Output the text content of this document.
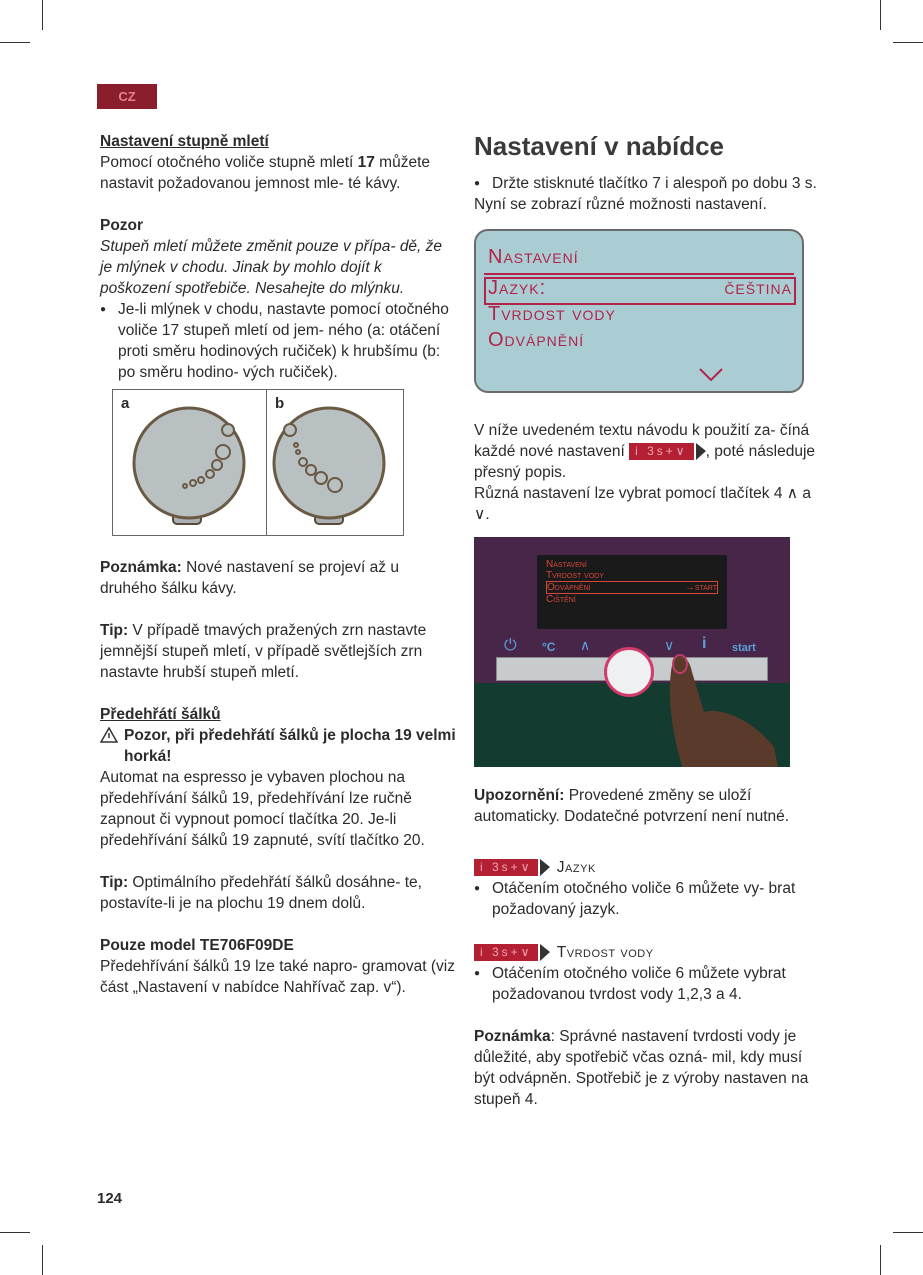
CZ
Nastavení stupně mletí
Pomocí otočného voliče stupně mletí 17 můžete nastavit požadovanou jemnost mle- té kávy.
Pozor
Stupeň mletí můžete změnit pouze v přípa- dě, že je mlýnek v chodu. Jinak by mohlo dojít k poškození spotřebiče. Nesahejte do mlýnku.
● Je-li mlýnek v chodu, nastavte pomocí otočného voliče 17 stupeň mletí od jem- ného (a: otáčení proti směru hodinových ručiček) k hrubšímu (b: po směru hodino- vých ručiček).
a	b
Poznámka: Nové nastavení se projeví až u druhého šálku kávy.
Tip: V případě tmavých pražených zrn nastavte jemnější stupeň mletí, v případě světlejších zrn nastavte hrubší stupeň mletí.
Předehřátí šálků
Pozor, při předehřátí šálků je plocha 19 velmi horká!
Automat na espresso je vybaven plochou na předehřívání šálků 19, předehřívání lze ručně zapnout či vypnout pomocí tlačítka 20. Je-li předehřívání šálků 19 zapnuté, svítí tlačítko 20.
Tip: Optimálního předehřátí šálků dosáhne- te, postavíte-li je na plochu 19 dnem dolů.
Pouze model TE706F09DE
Předehřívání šálků 19 lze také napro- gramovat (viz část „Nastavení v nabídce Nahřívač zap. v“).
Nastavení v nabídce
● Držte stisknuté tlačítko 7 i alespoň po dobu 3 s.
Nyní se zobrazí různé možnosti nastavení.
Nastavení
Jazyk:	čeština
Tvrdost vody
Odvápnění
V níže uvedeném textu návodu k použití za- číná každé nové nastavení i 3s+∨ , poté následuje přesný popis.
Různá nastavení lze vybrat pomocí tlačítek 4 ∧ a ∨.
Nastavení
Tvrdost vody
Odvápnění	→start
Čištění
⏻ °C ∧	∨ i start
Upozornění: Provedené změny se uloží automaticky. Dodatečné potvrzení není nutné.
i 3s+∨ Jazyk
● Otáčením otočného voliče 6 můžete vy- brat požadovaný jazyk.
i 3s+∨ Tvrdost vody
● Otáčením otočného voliče 6 můžete vybrat požadovanou tvrdost vody 1,2,3 a 4.
Poznámka: Správné nastavení tvrdosti vody je důležité, aby spotřebič včas ozná- mil, kdy musí být odvápněn. Spotřebič je z výroby nastaven na stupeň 4.
124
